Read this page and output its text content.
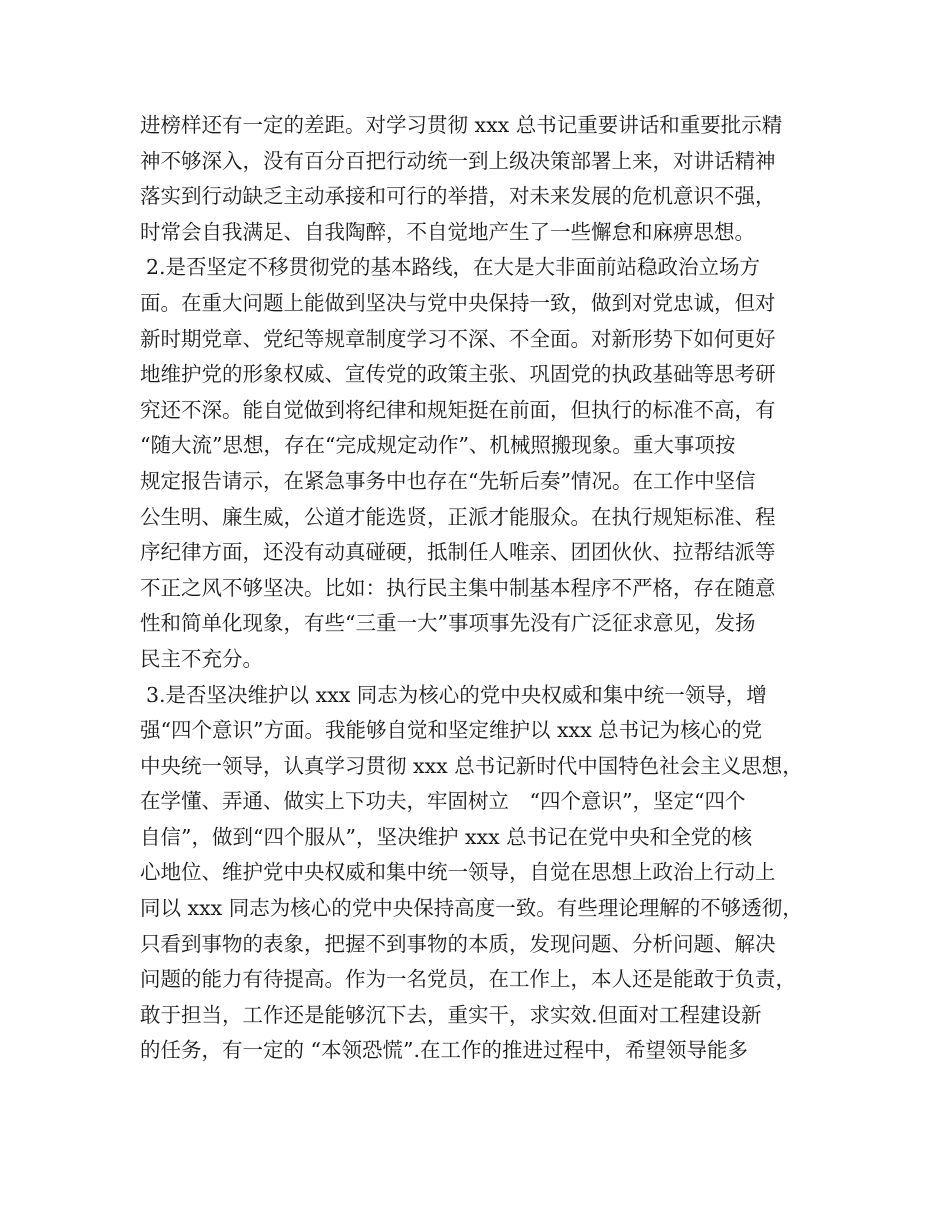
进榜样还有一定的差距。对学习贯彻 xxx 总书记重要讲话和重要批示精
神不够深入，没有百分百把行动统一到上级决策部署上来，对讲话精神
落实到行动缺乏主动承接和可行的举措，对未来发展的危机意识不强，
时常会自我满足、自我陶醉，不自觉地产生了一些懈怠和麻痹思想。
2.是否坚定不移贯彻党的基本路线，在大是大非面前站稳政治立场方
面。在重大问题上能做到坚决与党中央保持一致，做到对党忠诚，但对
新时期党章、党纪等规章制度学习不深、不全面。对新形势下如何更好
地维护党的形象权威、宣传党的政策主张、巩固党的执政基础等思考研
究还不深。能自觉做到将纪律和规矩挺在前面，但执行的标准不高，有
“随大流”思想，存在“完成规定动作”、机械照搬现象。重大事项按
规定报告请示，在紧急事务中也存在“先斩后奏”情况。在工作中坚信
公生明、廉生威，公道才能选贤，正派才能服众。在执行规矩标准、程
序纪律方面，还没有动真碰硬，抵制任人唯亲、团团伙伙、拉帮结派等
不正之风不够坚决。比如：执行民主集中制基本程序不严格，存在随意
性和简单化现象，有些“三重一大”事项事先没有广泛征求意见，发扬
民主不充分。
3.是否坚决维护以 xxx 同志为核心的党中央权威和集中统一领导，增
强“四个意识”方面。我能够自觉和坚定维护以 xxx 总书记为核心的党
中央统一领导，认真学习贯彻 xxx 总书记新时代中国特色社会主义思想，
在学懂、弄通、做实上下功夫，牢固树立　“四个意识”，坚定“四个
自信”，做到“四个服从”，坚决维护 xxx 总书记在党中央和全党的核
心地位、维护党中央权威和集中统一领导，自觉在思想上政治上行动上
同以 xxx 同志为核心的党中央保持高度一致。有些理论理解的不够透彻，
只看到事物的表象，把握不到事物的本质，发现问题、分析问题、解决
问题的能力有待提高。作为一名党员，在工作上，本人还是能敢于负责，
敢于担当，工作还是能够沉下去，重实干，求实效.但面对工程建设新
的任务，有一定的 “本领恐慌”.在工作的推进过程中，希望领导能多
